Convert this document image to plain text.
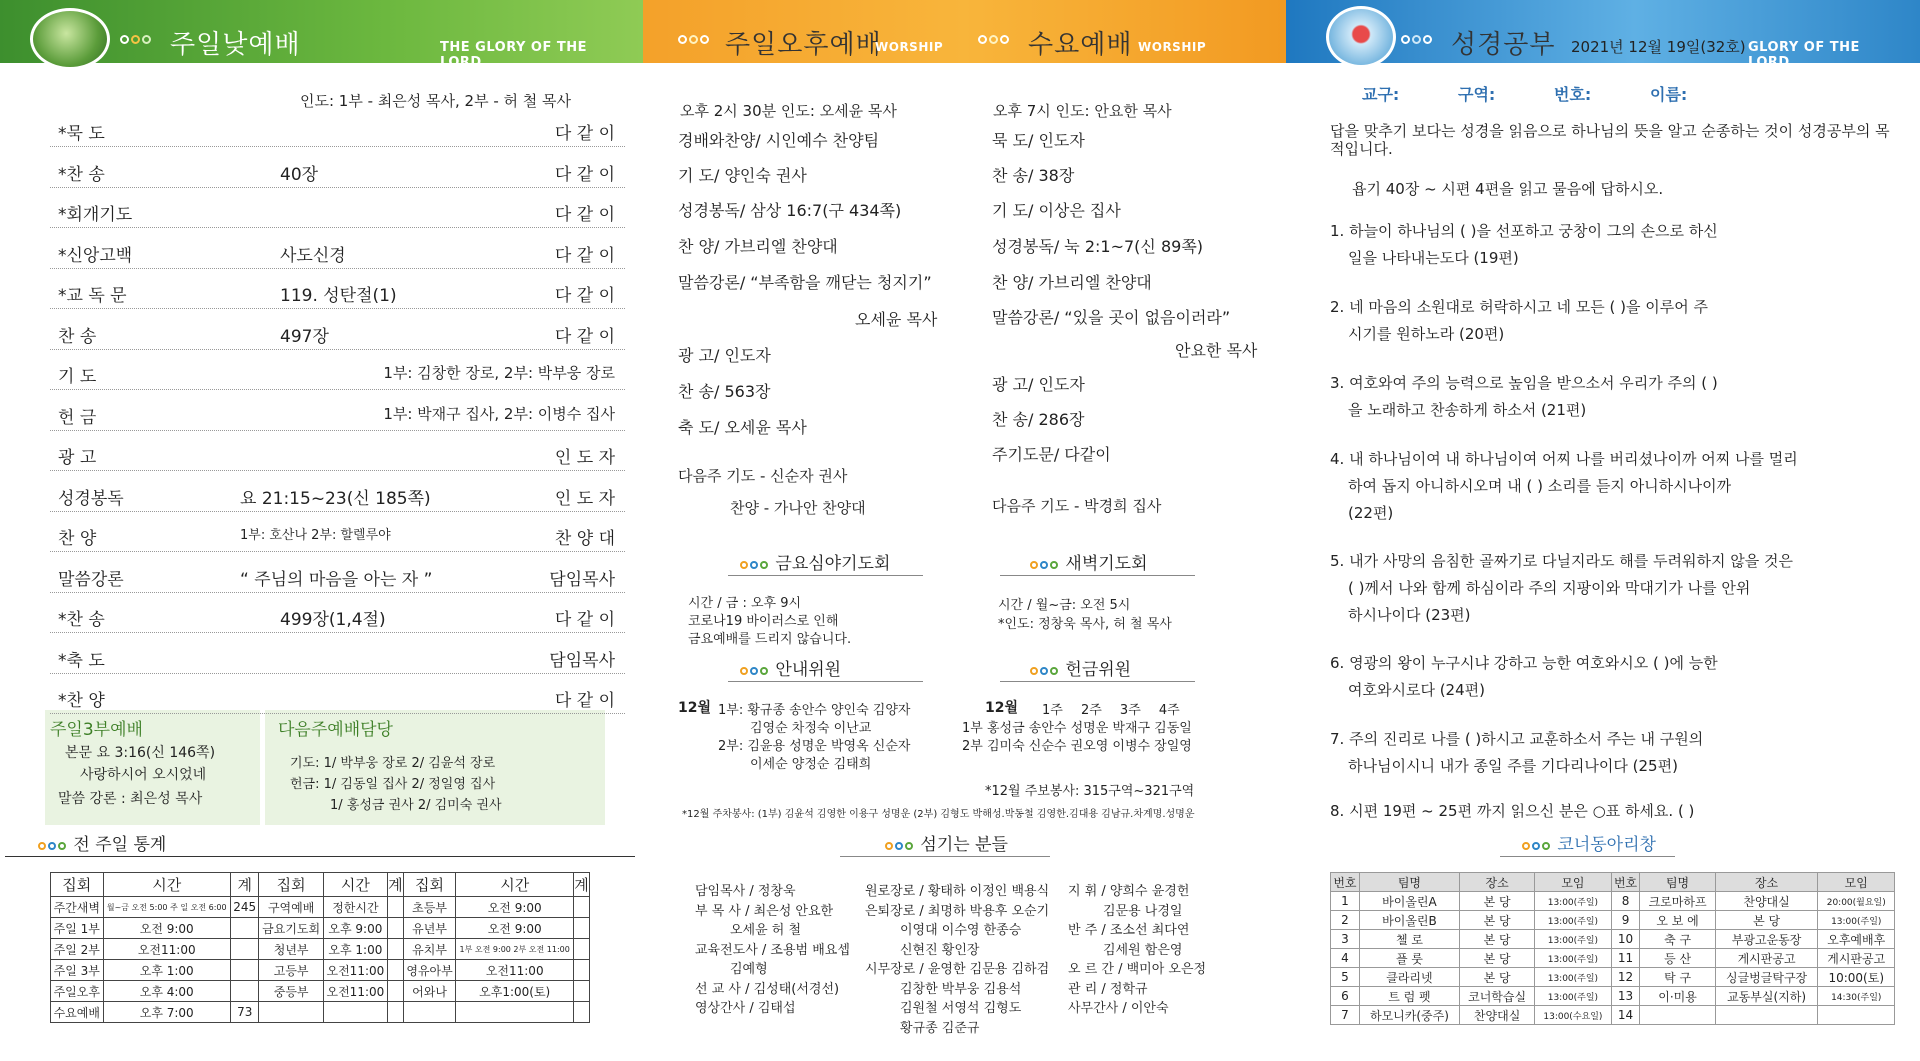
주일낮예배	THE GLORY OF THE LORD...
주일오후예배
WORSHIP	수요예배 WORSHIP	성경공부 2021년 12월 19일(32호) GLORY OF THE LORD...
인도: 1부 - 최은성 목사, 2부 - 허 철 목사
주일3부예배
본문 요 3:16(신 146쪽)
사랑하시어 오시었네
말씀 강론 : 최은성 목사
다음주예배담당
기도: 1/ 박부웅 장로 2/ 김윤석 장로
헌금: 1/ 김동일 집사 2/ 정일영 집사
1/ 홍성금 권사 2/ 김미숙 권사
전 주일 통계
집회	시간	계	집회	시간	계	집회	시간	계
주간새벽	월~금 오전 5:00 주 일 오전 6:00	245	구역예배	정한시간		초등부	오전 9:00	
주일 1부	오전 9:00		금요기도회	오후 9:00		유년부	오전 9:00	
주일 2부	오전11:00		청년부	오후 1:00		유치부	1부 오전 9:00 2부 오전 11:00	
주일 3부	오후 1:00		고등부	오전11:00		영유아부	오전11:00	
주일오후	오후 4:00		중등부	오전11:00		어와나	오후1:00(토)	
수요예배	오후 7:00	73						
오후 2시 30분 인도: 오세윤 목사
다음주 기도 - 신순자 권사
찬양 - 가나안 찬양대
오후 7시 인도: 안요한 목사
다음주 기도 - 박경희 집사
금요심야기도회
시간 / 금 : 오후 9시
코로나19 바이러스로 인해
금요예배를 드리지 않습니다.
새벽기도회
시간 / 월~금: 오전 5시
*인도: 정창욱 목사, 허 철 목사
안내위원
12월 1부: 황규종 송안수 양인숙 김양자
김영순 차정숙 이난교
2부: 김윤용 성명운 박영옥 신순자
이세순 양정순 김태희
헌금위원
12월 1주 2주 3주 4주
1부 홍성금 송안수 성명운 박재구 김동일
2부 김미숙 신순수 권오영 이병수 장일영
*12월 주보봉사: 315구역~321구역
*12월 주차봉사: (1부) 김윤석 김영한 이용구 성명운 (2부) 김형도 박해성.박동철 김영한.김대용 김남규.차계명.성명운
섬기는 분들
답을 맞추기 보다는 성경을 읽음으로 하나님의 뜻을 알고 순종하는 것이 성경공부의 목적입니다.
욥기 40장 ~ 시편 4편을 읽고 물음에 답하시오.
코너동아리창
번호	팀명	장소	모임	번호	팀명	장소	모임
1	바이올린A	본 당	13:00(주일)	8	크로마하프	찬양대실	20:00(월요일)
2	바이올린B	본 당	13:00(주일)	9	오 보 에	본 당	13:00(주일)
3	첼 로	본 당	13:00(주일)	10	축 구	부광고운동장	오후예배후
4	플 룻	본 당	13:00(주일)	11	등 산	게시판공고	게시판공고
5	클라리넷	본 당	13:00(주일)	12	탁 구	싱글벙글탁구장	10:00(토)
6	트 럼 펫	코너학습실	13:00(주일)	13	이·미용	교동부실(지하)	14:30(주일)
7	하모니카(중주)	찬양대실	13:00(수요일)	14			
*묵 도	다 같 이
*찬 송	40장	다 같 이
*회개기도	다 같 이
*신앙고백	사도신경	다 같 이
*교 독 문	119. 성탄절(1)	다 같 이
찬 송	497장	다 같 이
기 도	1부: 김창한 장로, 2부: 박부웅 장로
헌 금	1부: 박재구 집사, 2부: 이병수 집사
광 고	인 도 자
성경봉독	요 21:15~23(신 185쪽)	인 도 자
찬 양	1부: 호산나 2부: 할렐루야	찬 양 대
말씀강론	“ 주님의 마음을 아는 자 ”	담임목사
*찬 송	499장(1,4절)	다 같 이
*축 도	담임목사
*찬 양	다 같 이
경배와찬양/ 시인예수 찬양팀
기 도/ 양인숙 권사
성경봉독/ 삼상 16:7(구 434쪽)
찬 양/ 가브리엘 찬양대
말씀강론/ “부족함을 깨닫는 청지기”
오세윤 목사
광 고/ 인도자
찬 송/ 563장
축 도/ 오세윤 목사
묵 도/ 인도자
찬 송/ 38장
기 도/ 이상은 집사
성경봉독/ 눅 2:1~7(신 89쪽)
찬 양/ 가브리엘 찬양대
말씀강론/ “있을 곳이 없음이러라”
안요한 목사
광 고/ 인도자
찬 송/ 286장
주기도문/ 다같이
담임목사 / 정창욱
부 목 사 / 최은성 안요한
오세윤 허 철
교육전도사 / 조용범 배요셉
김예형
선 교 사 / 김성태(서경선)
영상간사 / 김태섭
원로장로 / 황태하 이정인 백용식
은퇴장로 / 최명하 박용후 오순기
이영대 이수영 한종승
신현진 황인장
시무장로 / 윤영한 김문용 김하검
김창한 박부웅 김용석
김원철 서영석 김형도
황규종 김준규
지 휘 / 양희수 윤경헌
김문용 나경일
반 주 / 조소선 최다연
김세원 함은영
오 르 간 / 백미아 오은정
관 리 / 정학규
사무간사 / 이안숙
교구:	구역:	번호:	이름:
1. 하늘이 하나님의 ( )을 선포하고 궁창이 그의 손으로 하신
일을 나타내는도다 (19편)
2. 네 마음의 소원대로 허락하시고 네 모든 ( )을 이루어 주
시기를 원하노라 (20편)
3. 여호와여 주의 능력으로 높임을 받으소서 우리가 주의 ( )
을 노래하고 찬송하게 하소서 (21편)
4. 내 하나님이여 내 하나님이여 어찌 나를 버리셨나이까 어찌 나를 멀리
하여 돕지 아니하시오며 내 ( ) 소리를 듣지 아니하시나이까
(22편)
5. 내가 사망의 음침한 골짜기로 다닐지라도 해를 두려워하지 않을 것은
( )께서 나와 함께 하심이라 주의 지팡이와 막대기가 나를 안위
하시나이다 (23편)
6. 영광의 왕이 누구시냐 강하고 능한 여호와시오 ( )에 능한
여호와시로다 (24편)
7. 주의 진리로 나를 ( )하시고 교훈하소서 주는 내 구원의
하나님이시니 내가 종일 주를 기다리나이다 (25편)
8. 시편 19편 ~ 25편 까지 읽으신 분은 ○표 하세요. ( )
